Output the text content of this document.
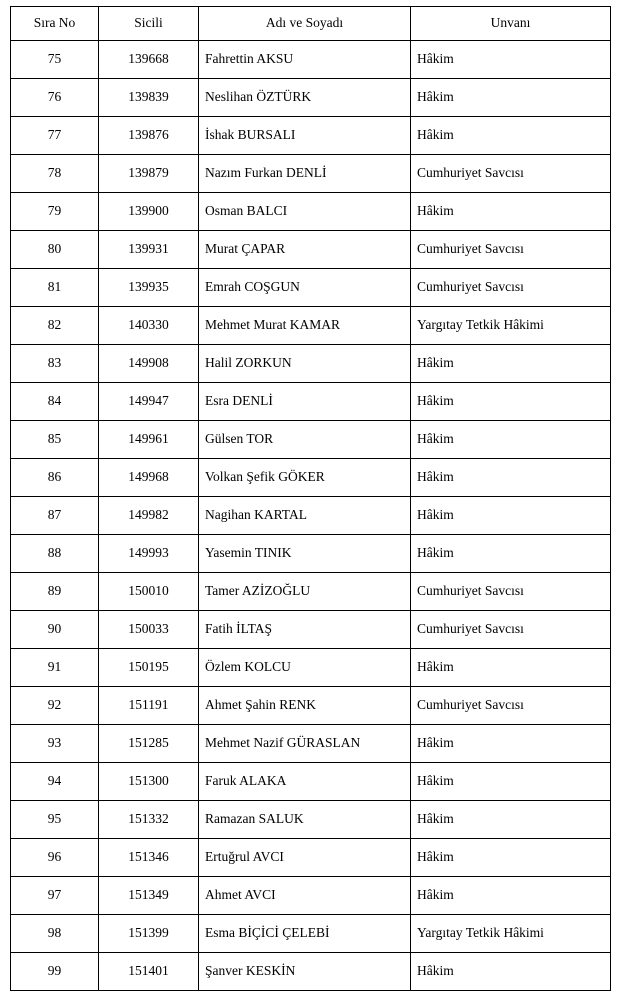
Sıra No	Sicili	Adı ve Soyadı	Unvanı
75	139668	Fahrettin AKSU	Hâkim
76	139839	Neslihan ÖZTÜRK	Hâkim
77	139876	İshak BURSALI	Hâkim
78	139879	Nazım Furkan DENLİ	Cumhuriyet Savcısı
79	139900	Osman BALCI	Hâkim
80	139931	Murat ÇAPAR	Cumhuriyet Savcısı
81	139935	Emrah COŞGUN	Cumhuriyet Savcısı
82	140330	Mehmet Murat KAMAR	Yargıtay Tetkik Hâkimi
83	149908	Halil ZORKUN	Hâkim
84	149947	Esra DENLİ	Hâkim
85	149961	Gülsen TOR	Hâkim
86	149968	Volkan Şefik GÖKER	Hâkim
87	149982	Nagihan KARTAL	Hâkim
88	149993	Yasemin TINIK	Hâkim
89	150010	Tamer AZİZOĞLU	Cumhuriyet Savcısı
90	150033	Fatih İLTAŞ	Cumhuriyet Savcısı
91	150195	Özlem KOLCU	Hâkim
92	151191	Ahmet Şahin RENK	Cumhuriyet Savcısı
93	151285	Mehmet Nazif GÜRASLAN	Hâkim
94	151300	Faruk ALAKA	Hâkim
95	151332	Ramazan SALUK	Hâkim
96	151346	Ertuğrul AVCI	Hâkim
97	151349	Ahmet AVCI	Hâkim
98	151399	Esma BİÇİCİ ÇELEBİ	Yargıtay Tetkik Hâkimi
99	151401	Şanver KESKİN	Hâkim
